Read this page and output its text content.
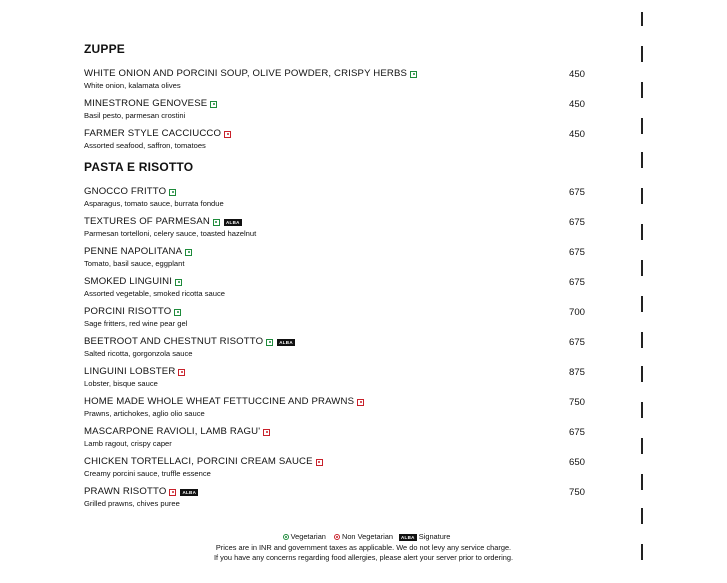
ZUPPE
WHITE ONION AND PORCINI SOUP, OLIVE POWDER, CRISPY HERBS
White onion, kalamata olives
450
MINESTRONE GENOVESE
Basil pesto, parmesan crostini
450
FARMER STYLE CACCIUCCO
Assorted seafood, saffron, tomatoes
450
PASTA E RISOTTO
GNOCCO FRITTO
Asparagus, tomato sauce, burrata fondue
675
TEXTURES OF PARMESAN	ALBA
Parmesan tortelloni, celery sauce, toasted hazelnut
675
PENNE NAPOLITANA
Tomato, basil sauce, eggplant
675
SMOKED LINGUINI
Assorted vegetable, smoked ricotta sauce
675
PORCINI RISOTTO
Sage fritters, red wine pear gel
700
BEETROOT AND CHESTNUT RISOTTO	ALBA
Salted ricotta, gorgonzola sauce
675
LINGUINI LOBSTER
Lobster, bisque sauce
875
HOME MADE WHOLE WHEAT FETTUCCINE AND PRAWNS
Prawns, artichokes, aglio olio sauce
750
MASCARPONE RAVIOLI, LAMB RAGU'
Lamb ragout, crispy caper
675
CHICKEN TORTELLACI, PORCINI CREAM SAUCE
Creamy porcini sauce, truffle essence
650
PRAWN RISOTTO	ALBA
Grilled prawns, chives puree
750
Vegetarian Non Vegetarian ALBA Signature
Prices are in INR and government taxes as applicable. We do not levy any service charge.
If you have any concerns regarding food allergies, please alert your server prior to ordering.
